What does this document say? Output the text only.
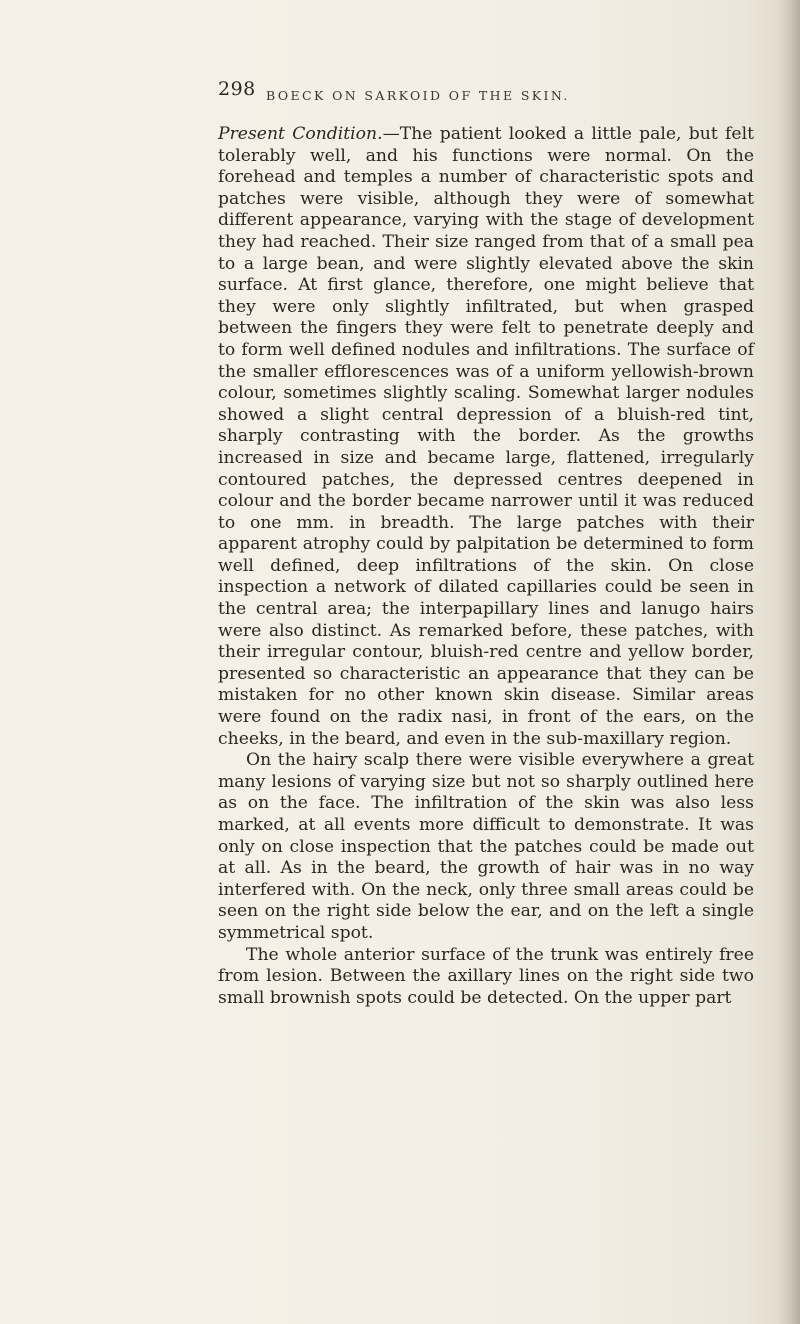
298 BOECK ON SARKOID OF THE SKIN.

Present Condition.—The patient looked a little pale, but felt tolerably well, and his functions were normal. On the forehead and temples a number of characteristic spots and patches were visible, although they were of somewhat different appearance, varying with the stage of development they had reached. Their size ranged from that of a small pea to a large bean, and were slightly elevated above the skin surface. At first glance, therefore, one might believe that they were only slightly infiltrated, but when grasped between the fingers they were felt to penetrate deeply and to form well defined nodules and infiltrations. The surface of the smaller efflorescences was of a uniform yellowish-brown colour, sometimes slightly scaling. Somewhat larger nodules showed a slight central depression of a bluish-red tint, sharply contrasting with the border. As the growths increased in size and became large, flattened, irregularly contoured patches, the depressed centres deepened in colour and the border became narrower until it was reduced to one mm. in breadth. The large patches with their apparent atrophy could by palpitation be determined to form well defined, deep infiltrations of the skin. On close inspection a network of dilated capillaries could be seen in the central area; the interpapillary lines and lanugo hairs were also distinct. As remarked before, these patches, with their irregular contour, bluish-red centre and yellow border, presented so characteristic an appearance that they can be mistaken for no other known skin disease. Similar areas were found on the radix nasi, in front of the ears, on the cheeks, in the beard, and even in the sub-maxillary region.

On the hairy scalp there were visible everywhere a great many lesions of varying size but not so sharply outlined here as on the face. The infiltration of the skin was also less marked, at all events more difficult to demonstrate. It was only on close inspection that the patches could be made out at all. As in the beard, the growth of hair was in no way interfered with. On the neck, only three small areas could be seen on the right side below the ear, and on the left a single symmetrical spot.

The whole anterior surface of the trunk was entirely free from lesion. Between the axillary lines on the right side two small brownish spots could be detected. On the upper part
